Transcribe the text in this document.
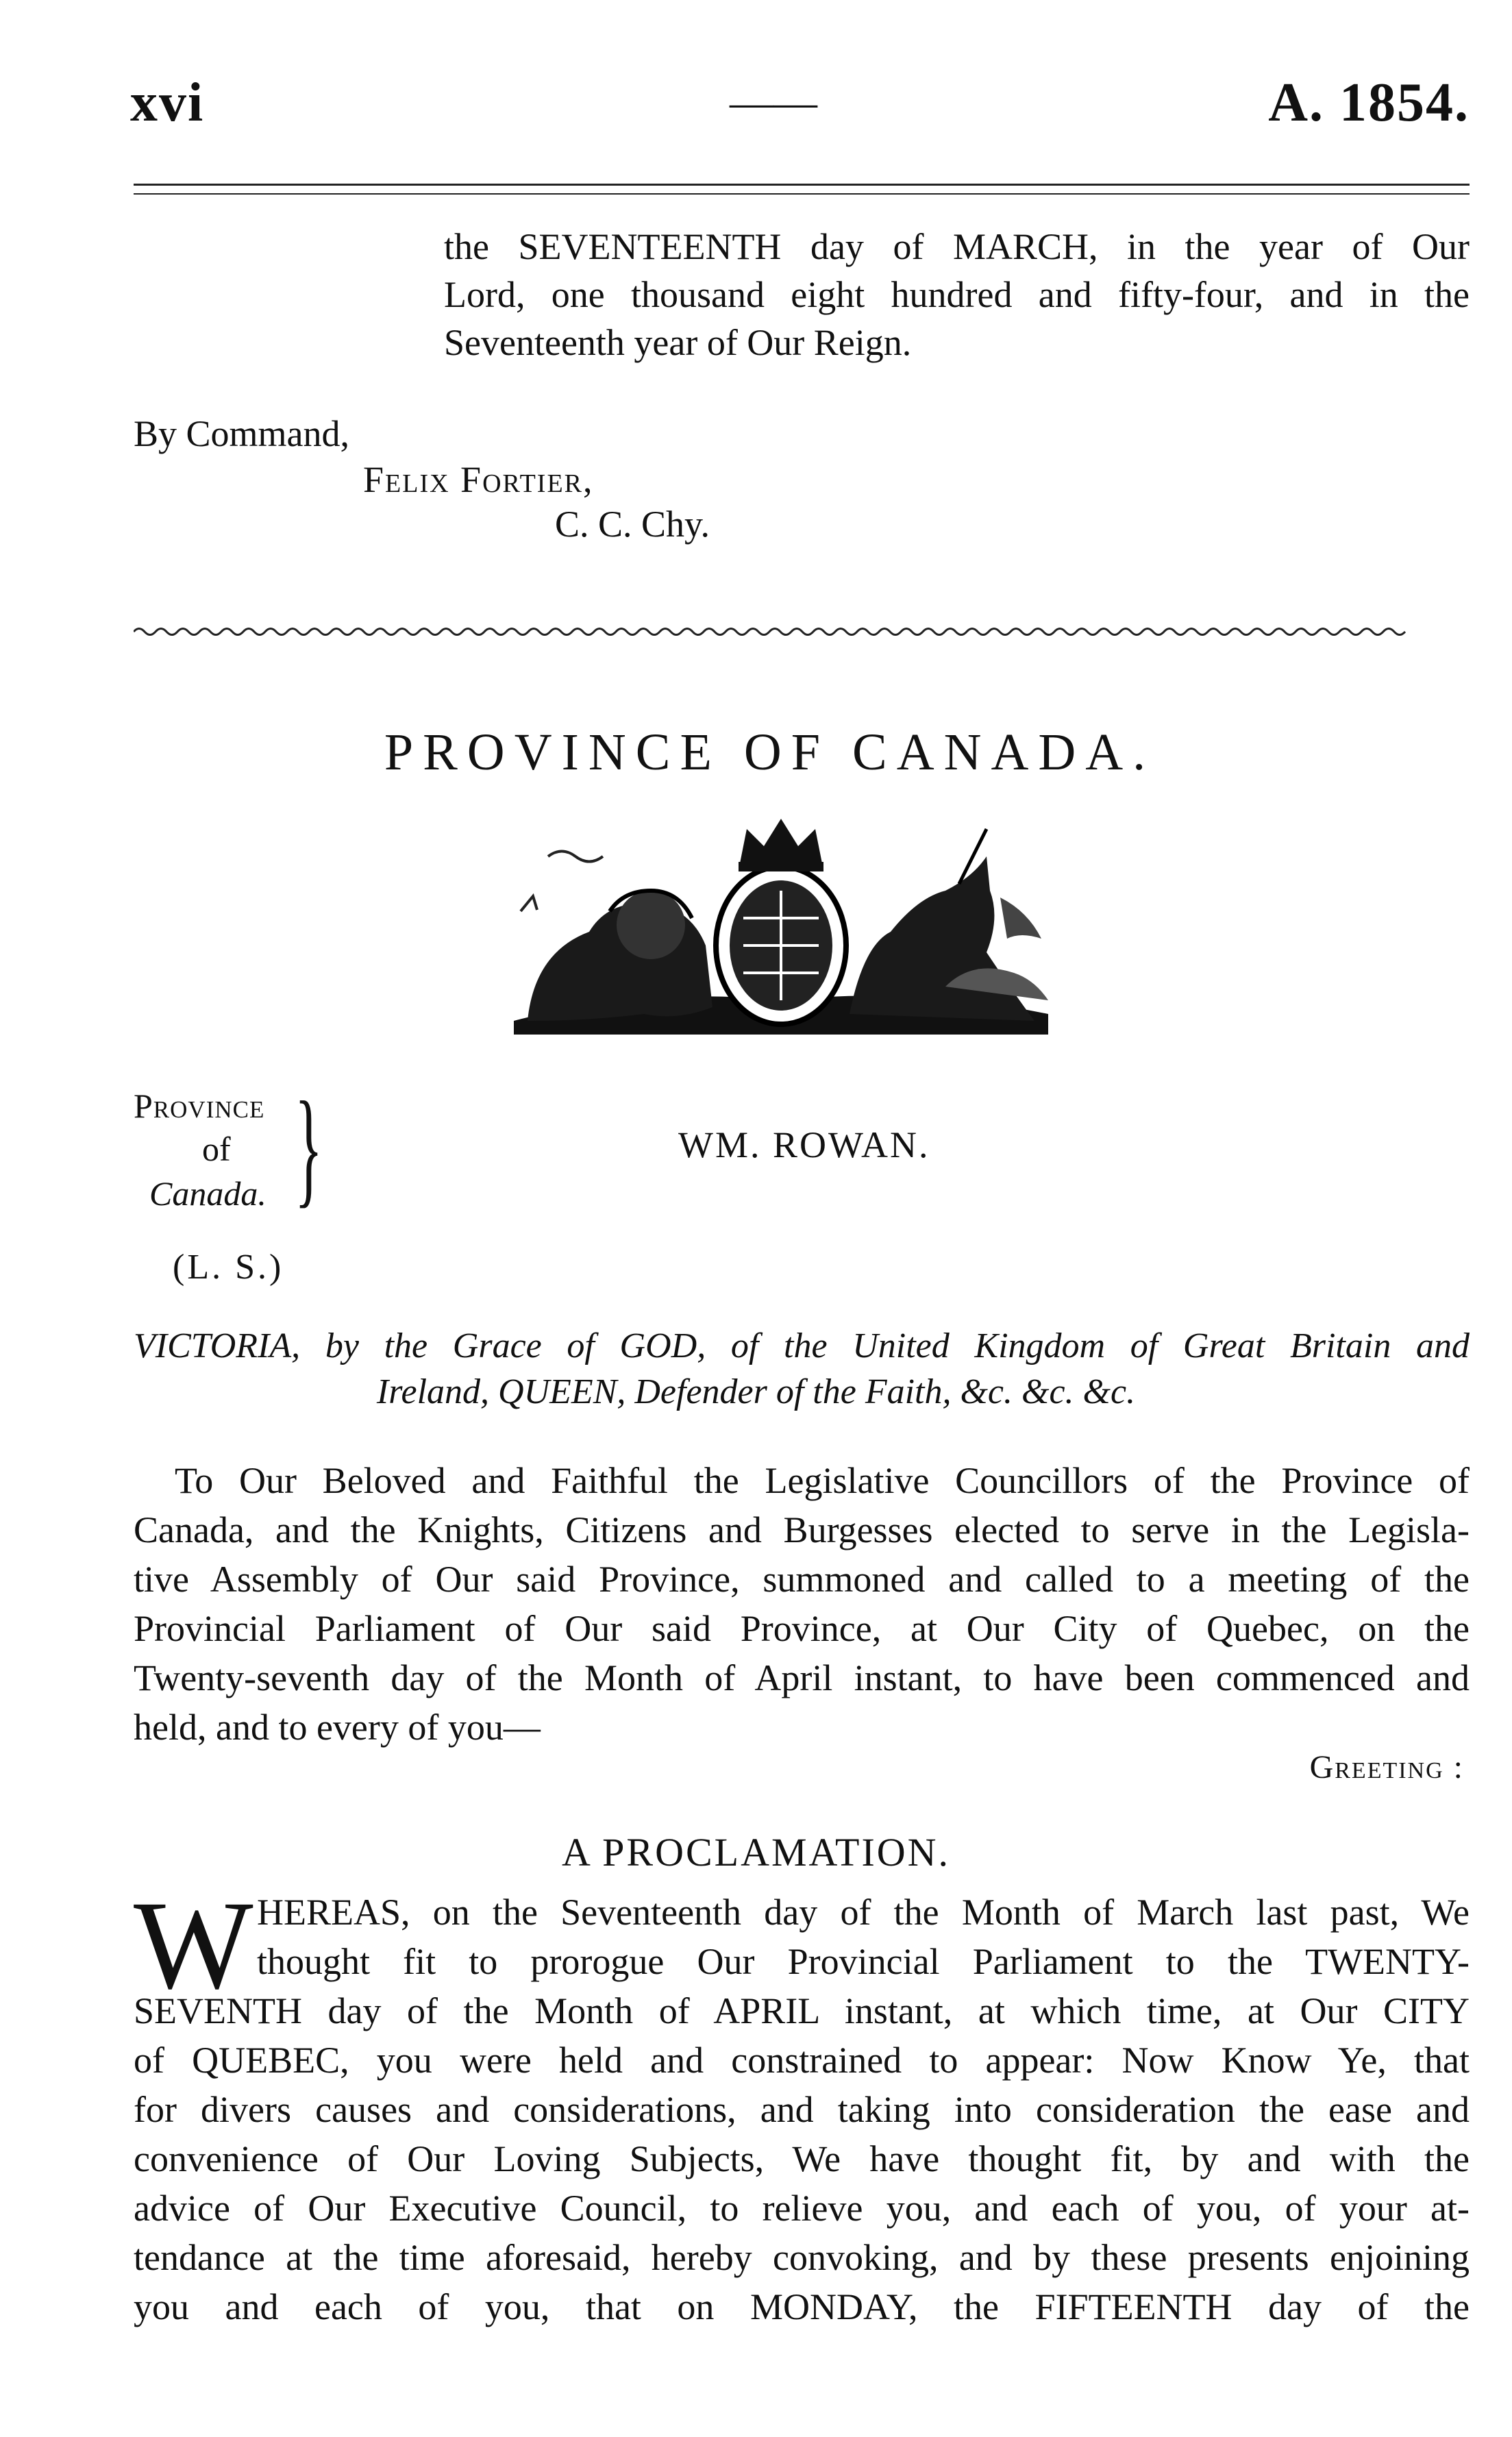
xvi	——	A. 1854.

the SEVENTEENTH day of MARCH, in the year of Our

Lord, one thousand eight hundred and fifty-four, and in the

Seventeenth year of Our Reign.

By Command,
Felix Fortier,
C. C. Chy.
PROVINCE OF CANADA.
Province
of
Canada. }	WM. ROWAN.
(L. S.)
VICTORIA, by the Grace of GOD, of the United Kingdom of Great Britain and
Ireland, QUEEN, Defender of the Faith, &c. &c. &c.

To Our Beloved and Faithful the Legislative Councillors of the Province of

Canada, and the Knights, Citizens and Burgesses elected to serve in the Legisla-

tive Assembly of Our said Province, summoned and called to a meeting of the

Provincial Parliament of Our said Province, at Our City of Quebec, on the

Twenty-seventh day of the Month of April instant, to have been commenced and

held, and to every of you—

Greeting :
A PROCLAMATION.
W HEREAS, on the Seventeenth day of the Month of March last past, We

thought fit to prorogue Our Provincial Parliament to the TWENTY-

SEVENTH day of the Month of APRIL instant, at which time, at Our CITY

of QUEBEC, you were held and constrained to appear: Now Know Ye, that

for divers causes and considerations, and taking into consideration the ease and

convenience of Our Loving Subjects, We have thought fit, by and with the

advice of Our Executive Council, to relieve you, and each of you, of your at-

tendance at the time aforesaid, hereby convoking, and by these presents enjoining

you and each of you, that on MONDAY, the FIFTEENTH day of the
